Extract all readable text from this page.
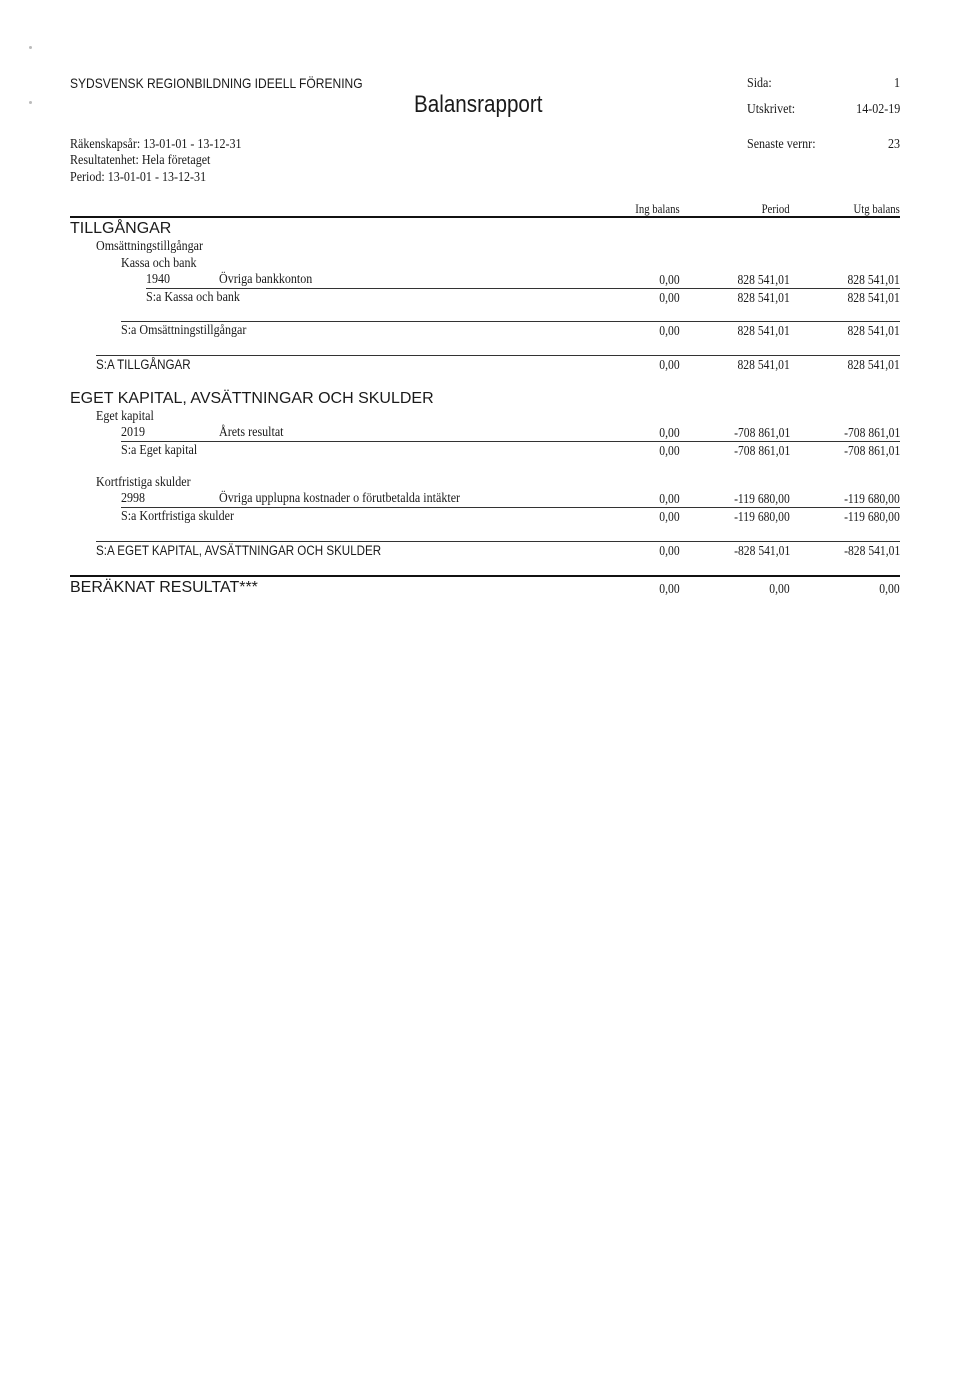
SYDSVENSK REGIONBILDNING IDEELL FÖRENING
Balansrapport
Sida:	1
Utskrivet:	14-02-19
Senaste vernr:	23
Räkenskapsår: 13-01-01 - 13-12-31
Resultatenhet: Hela företaget
Period: 13-01-01 - 13-12-31
Ing balans	Period	Utg balans
TILLGÅNGAR
Omsättningstillgångar
Kassa och bank
1940	Övriga bankkonton	0,00	828 541,01	828 541,01
S:a Kassa och bank	0,00	828 541,01	828 541,01
S:a Omsättningstillgångar	0,00	828 541,01	828 541,01
S:A TILLGÅNGAR	0,00	828 541,01	828 541,01
EGET KAPITAL, AVSÄTTNINGAR OCH SKULDER
Eget kapital
2019	Årets resultat	0,00	-708 861,01	-708 861,01
S:a Eget kapital	0,00	-708 861,01	-708 861,01
Kortfristiga skulder
2998	Övriga upplupna kostnader o förutbetalda intäkter	0,00	-119 680,00	-119 680,00
S:a Kortfristiga skulder	0,00	-119 680,00	-119 680,00
S:A EGET KAPITAL, AVSÄTTNINGAR OCH SKULDER	0,00	-828 541,01	-828 541,01
BERÄKNAT RESULTAT***	0,00	0,00	0,00
